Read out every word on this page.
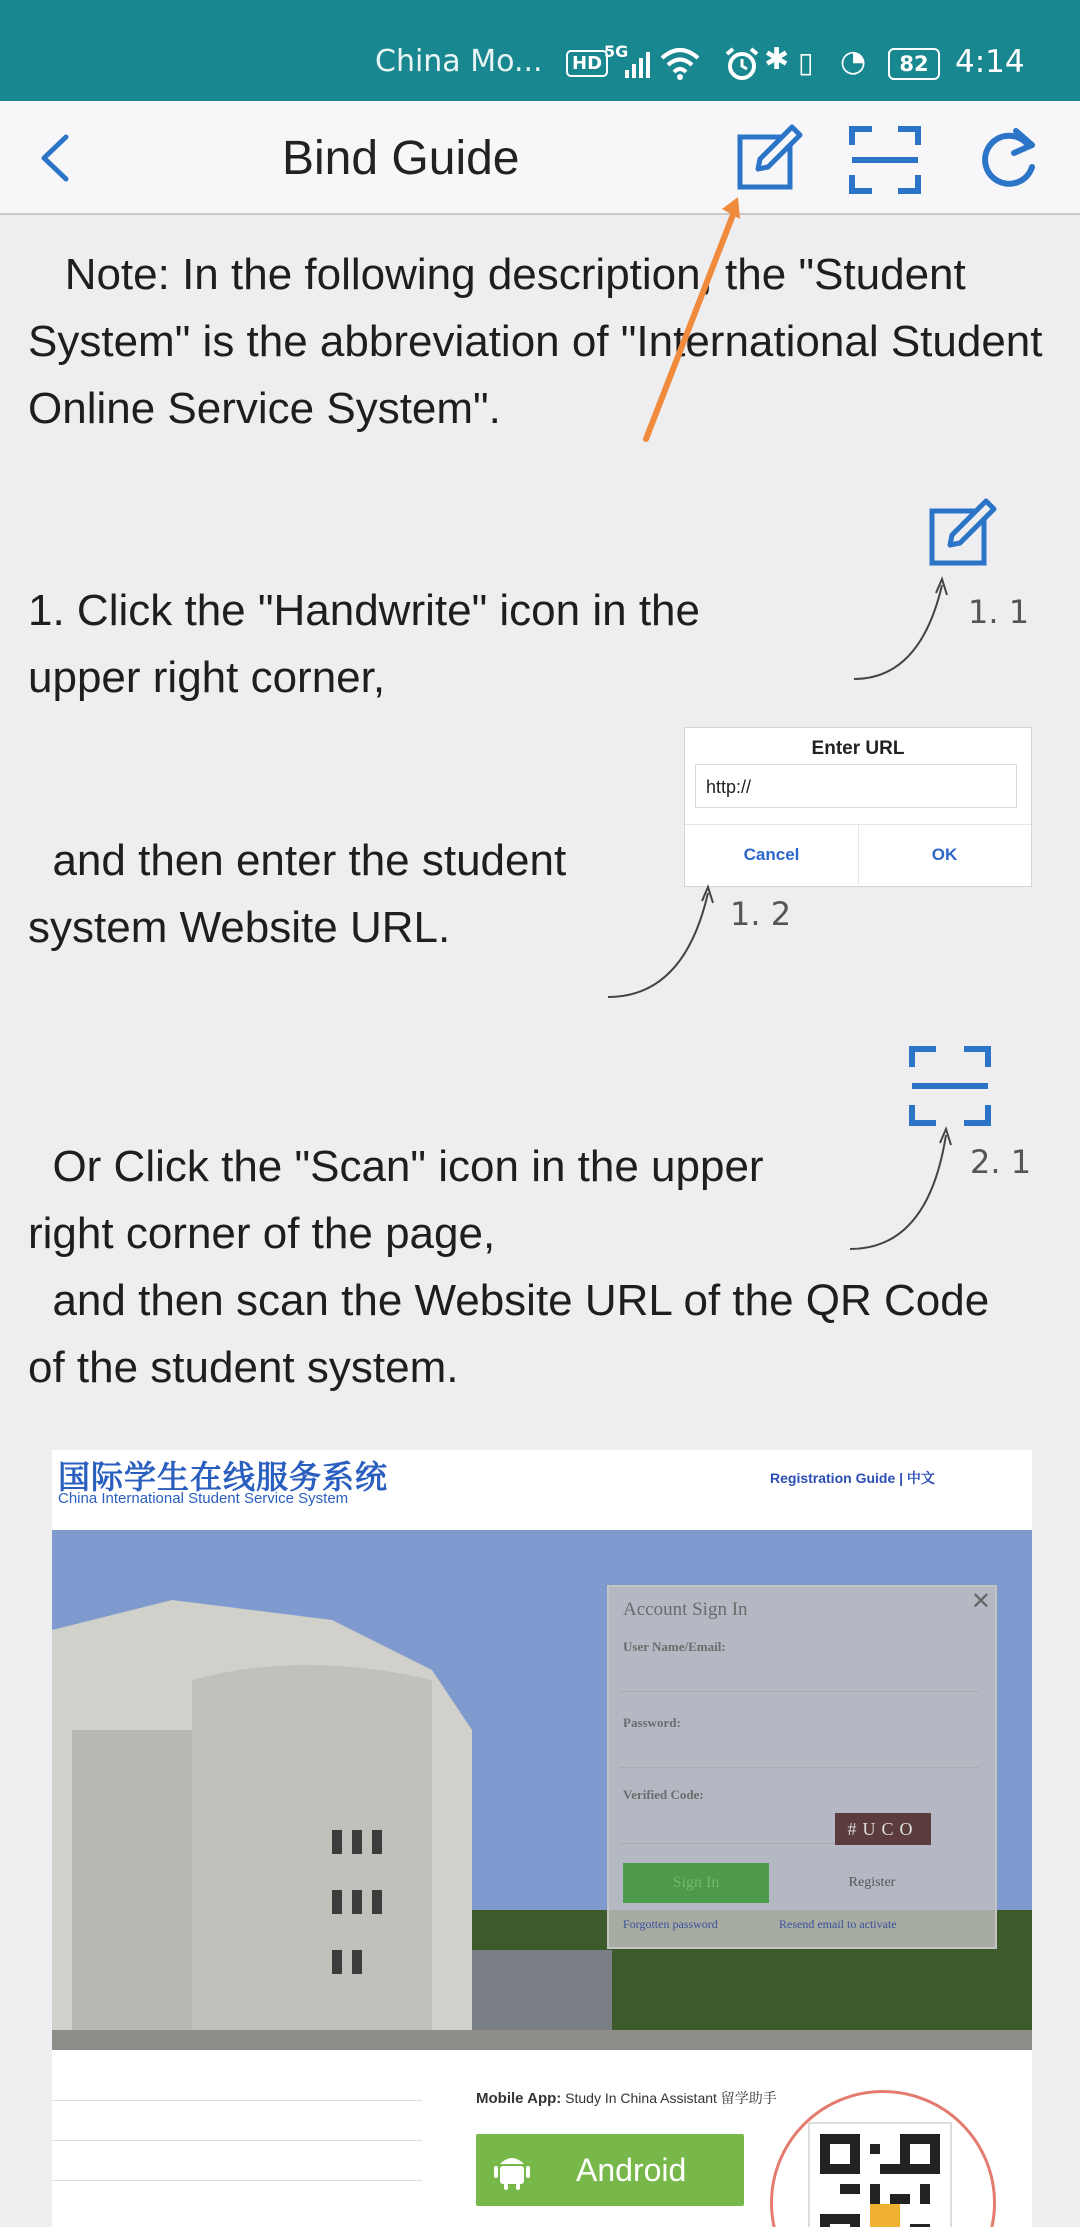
China Mo...	HD
5G	✱ ▯ ◔	82 4:14
Bind Guide
Note: In the following description, the "Student System" is the abbreviation of "International Student Online Service System".
1. 1
1. Click the "Handwrite" icon in the upper right corner,
Enter URL
http://
Cancel	OK
1. 2
and then enter the student system Website URL.
2. 1
Or Click the "Scan" icon in the upper right corner of the page,
and then scan the Website URL of the QR Code of the student system.
国际学生在线服务系统
China International Student Service System
Registration Guide | 中文
Account Sign In	✕
User Name/Email:
Password:
Verified Code:
#UCO
Sign In	Register
Forgotten password	Resend email to activate
Mobile App: Study In China Assistant 留学助手
Android
